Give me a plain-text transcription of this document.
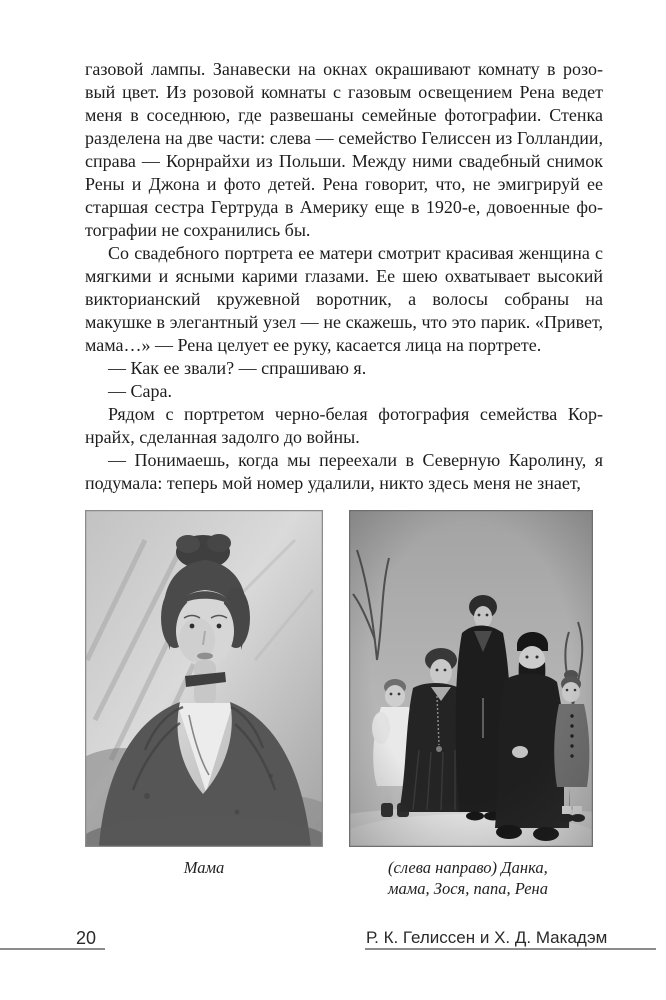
газовой лампы. Занавески на окнах окрашивают комнату в розовый цвет. Из розовой комнаты с газовым освещением Рена ведет меня в соседнюю, где развешаны семейные фотографии. Стенка разделена на две части: слева — семейство Гелиссен из Голландии, справа — Корнрайхи из Польши. Между ними свадебный снимок Рены и Джона и фото детей. Рена говорит, что, не эмигрируй ее старшая сестра Гертруда в Америку еще в 1920-е, довоенные фотографии не сохранились бы.

Со свадебного портрета ее матери смотрит красивая женщина с мягкими и ясными карими глазами. Ее шею охватывает высокий викторианский кружевной воротник, а волосы собраны на макушке в элегантный узел — не скажешь, что это парик. «Привет, мама…» — Рена целует ее руку, касается лица на портрете.

— Как ее звали? — спрашиваю я.

— Сара.

Рядом с портретом черно-белая фотография семейства Корнрайх, сделанная задолго до войны.

— Понимаешь, когда мы переехали в Северную Каролину, я подумала: теперь мой номер удалили, никто здесь меня не знает,

Мама	(слева направо) Данка,
мама, Зося, папа, Рена
20	Р. К. Гелиссен и Х. Д. Макадэм
